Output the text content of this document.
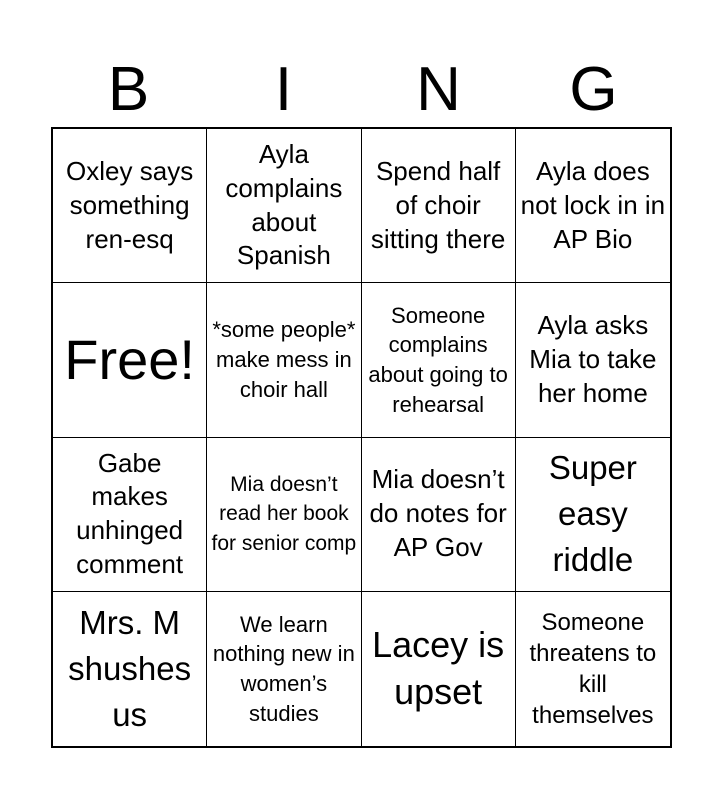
B	I	N	G
Oxley says something ren-esq
Ayla complains about Spanish
Spend half of choir sitting there
Ayla does not lock in in AP Bio
Free! *some people* make mess in choir hall
Someone complains about going to rehearsal
Ayla asks Mia to take her home
Gabe makes unhinged comment
Mia doesn’t read her book for senior comp
Mia doesn’t do notes for AP Gov
Super easy riddle
Mrs. M shushes us
We learn nothing new in women’s studies
Lacey is upset
Someone threatens to kill themselves
